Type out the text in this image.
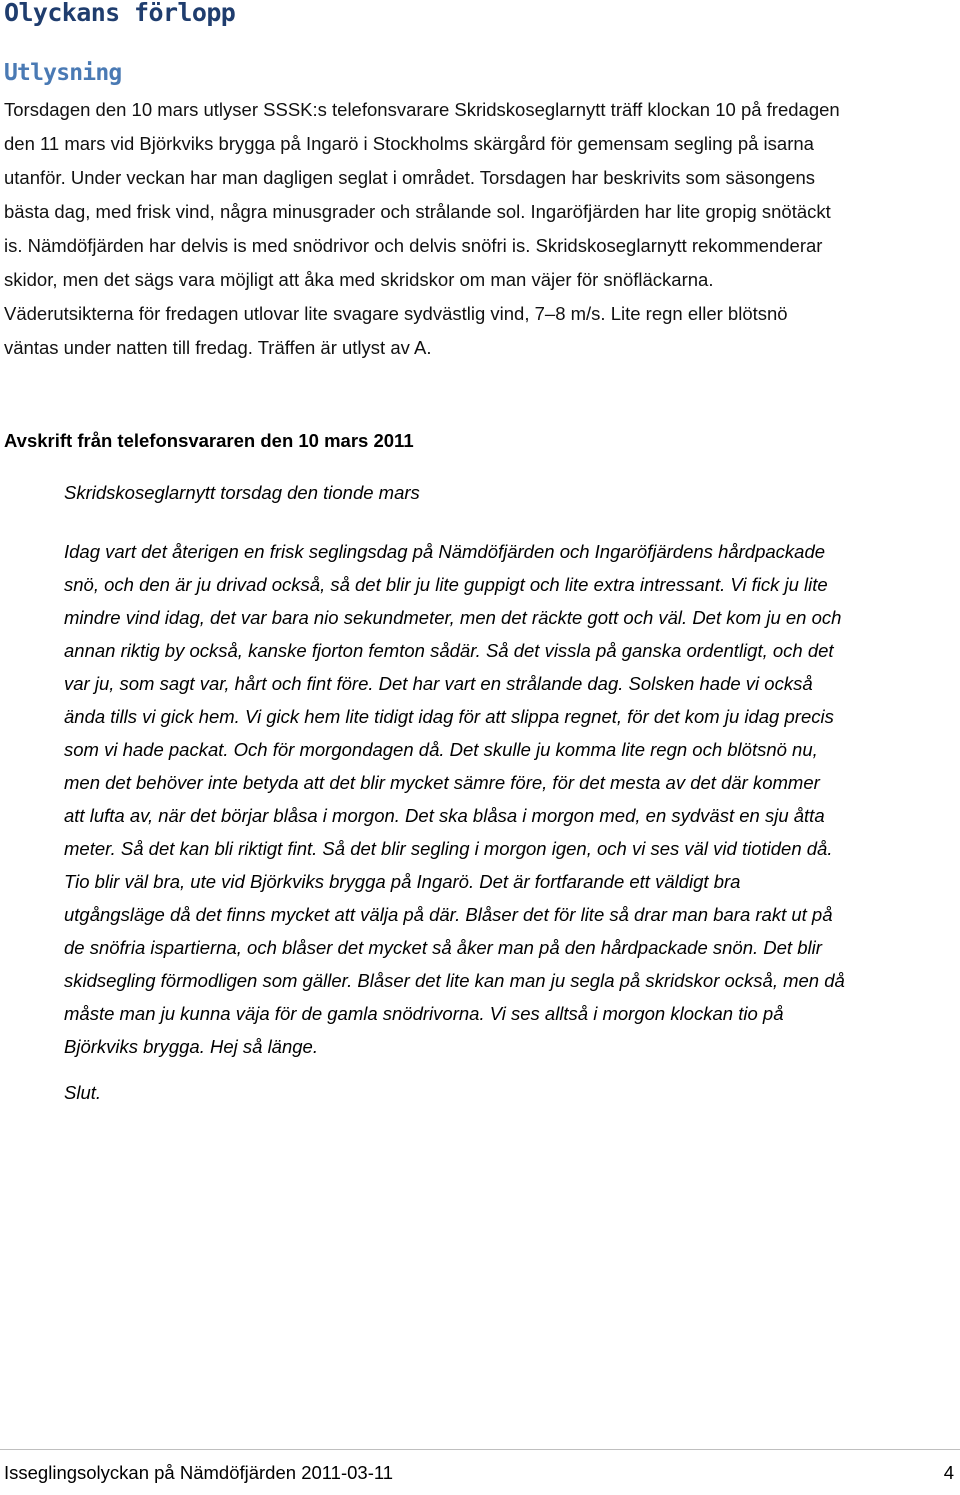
Olyckans förlopp
Utlysning
Torsdagen den 10 mars utlyser SSSK:s telefonsvarare Skridskoseglarnytt träff klockan 10 på fredagen
den 11 mars vid Björkviks brygga på Ingarö i Stockholms skärgård för gemensam segling på isarna
utanför. Under veckan har man dagligen seglat i området. Torsdagen har beskrivits som säsongens
bästa dag, med frisk vind, några minusgrader och strålande sol. Ingaröfjärden har lite gropig snötäckt
is. Nämdöfjärden har delvis is med snödrivor och delvis snöfri is. Skridskoseglarnytt rekommenderar
skidor, men det sägs vara möjligt att åka med skridskor om man väjer för snöfläckarna.
Väderutsikterna för fredagen utlovar lite svagare sydvästlig vind, 7–8 m/s. Lite regn eller blötsnö
väntas under natten till fredag. Träffen är utlyst av A.
Avskrift från telefonsvararen den 10 mars 2011
Skridskoseglarnytt torsdag den tionde mars
Idag vart det återigen en frisk seglingsdag på Nämdöfjärden och Ingaröfjärdens hårdpackade
snö, och den är ju drivad också, så det blir ju lite guppigt och lite extra intressant. Vi fick ju lite
mindre vind idag, det var bara nio sekundmeter, men det räckte gott och väl. Det kom ju en och
annan riktig by också, kanske fjorton femton sådär. Så det vissla på ganska ordentligt, och det
var ju, som sagt var, hårt och fint före. Det har vart en strålande dag. Solsken hade vi också
ända tills vi gick hem. Vi gick hem lite tidigt idag för att slippa regnet, för det kom ju idag precis
som vi hade packat. Och för morgondagen då. Det skulle ju komma lite regn och blötsnö nu,
men det behöver inte betyda att det blir mycket sämre före, för det mesta av det där kommer
att lufta av, när det börjar blåsa i morgon. Det ska blåsa i morgon med, en sydväst en sju åtta
meter. Så det kan bli riktigt fint. Så det blir segling i morgon igen, och vi ses väl vid tiotiden då.
Tio blir väl bra, ute vid Björkviks brygga på Ingarö. Det är fortfarande ett väldigt bra
utgångsläge då det finns mycket att välja på där. Blåser det för lite så drar man bara rakt ut på
de snöfria ispartierna, och blåser det mycket så åker man på den hårdpackade snön. Det blir
skidsegling förmodligen som gäller. Blåser det lite kan man ju segla på skridskor också, men då
måste man ju kunna väja för de gamla snödrivorna. Vi ses alltså i morgon klockan tio på
Björkviks brygga. Hej så länge.
Slut.
Isseglingsolyckan på Nämdöfjärden 2011-03-11	4
